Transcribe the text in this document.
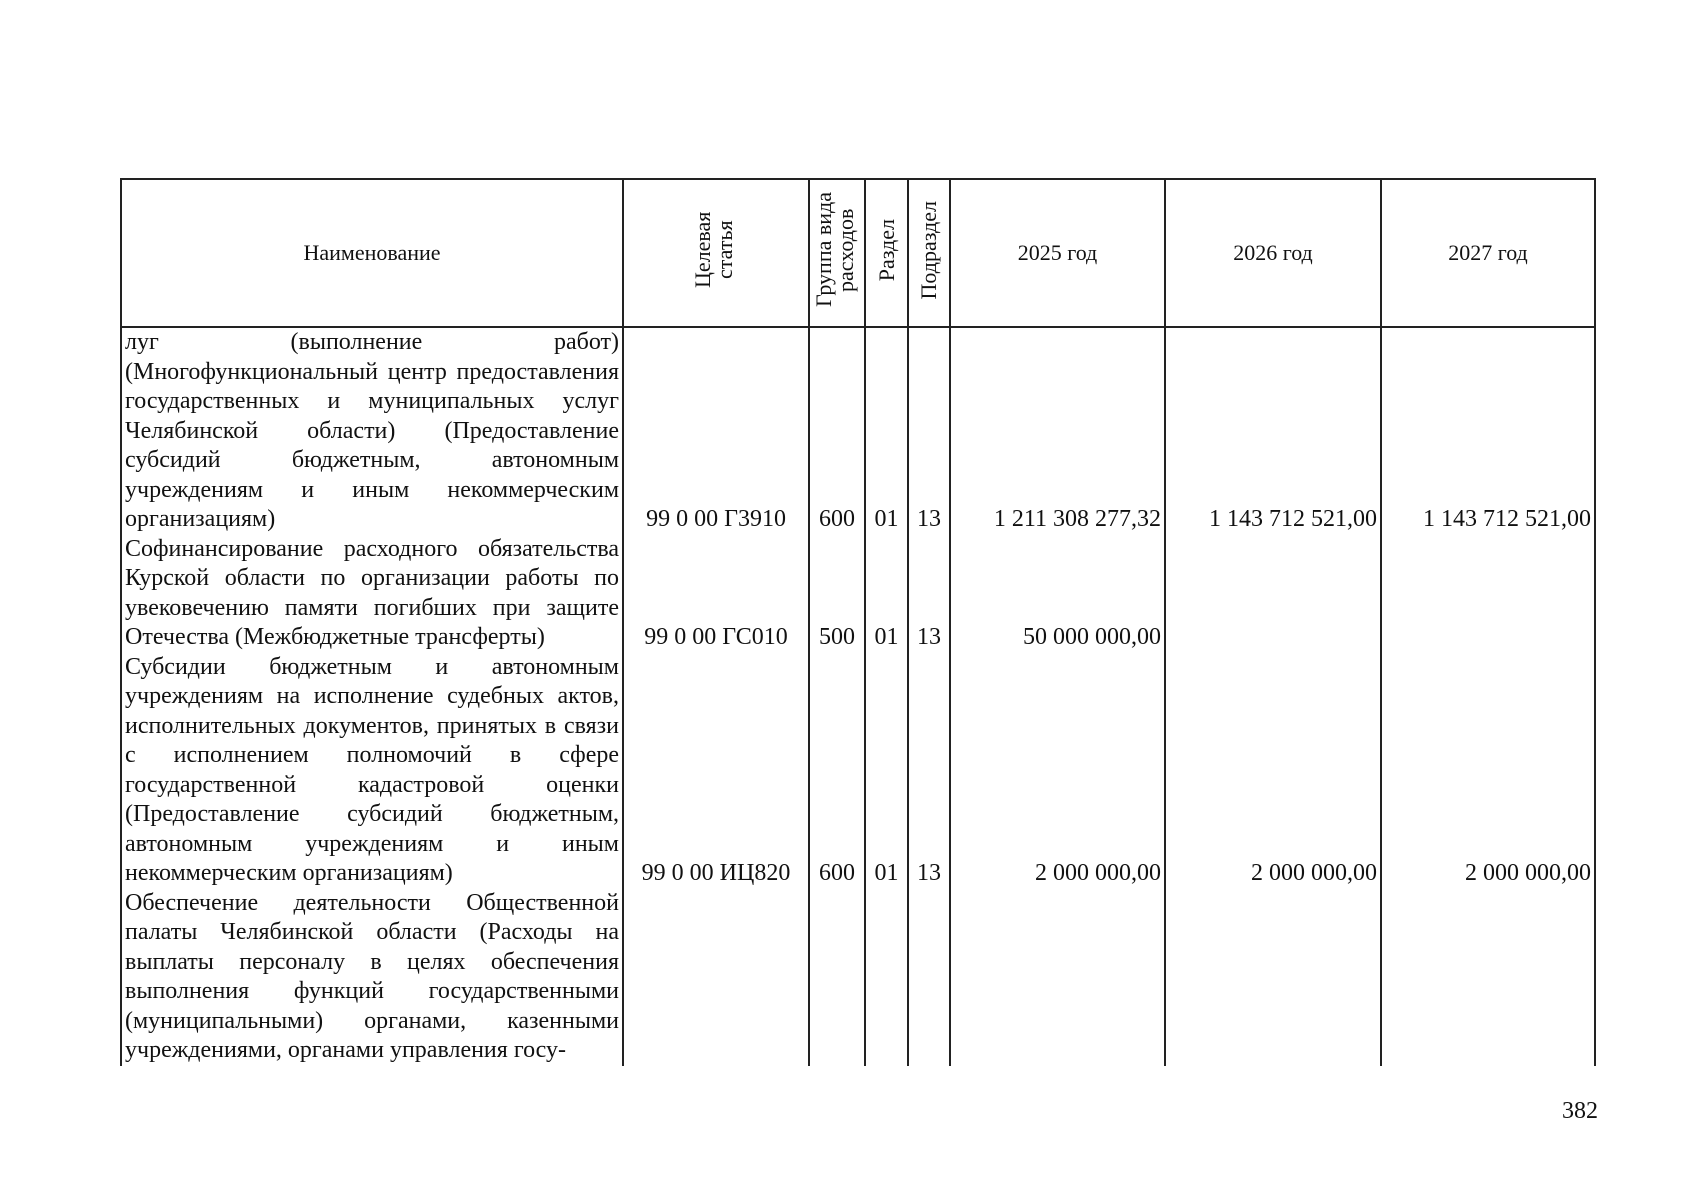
Наименование	Целевая статья	Группа вида расходов	Раздел	Подраздел	2025 год	2026 год	2027 год
луг (выполнение работ) (Многофункциональный центр предоставления государственных и муниципальных услуг Челябинской области) (Предоставление субсидий бюджетным, автономным учреждениям и иным некоммерческим организациям)	99 0 00 Г3910	600	01	13	1 211 308 277,32	1 143 712 521,00	1 143 712 521,00
Софинансирование расходного обязательства Курской области по организации работы по увековечению памяти погибших при защите Отечества (Межбюджетные трансферты)	99 0 00 ГС010	500	01	13	50 000 000,00		
Субсидии бюджетным и автономным учреждениям на исполнение судебных актов, исполнительных документов, принятых в связи с исполнением полномочий в сфере государственной кадастровой оценки (Предоставление субсидий бюджетным, автономным учреждениям и иным некоммерческим организациям)	99 0 00 ИЦ820	600	01	13	2 000 000,00	2 000 000,00	2 000 000,00
Обеспечение деятельности Общественной палаты Челябинской области (Расходы на выплаты персоналу в целях обеспечения выполнения функций государственными (муниципальными) органами, казенными учреждениями, органами управления госу-							
382
